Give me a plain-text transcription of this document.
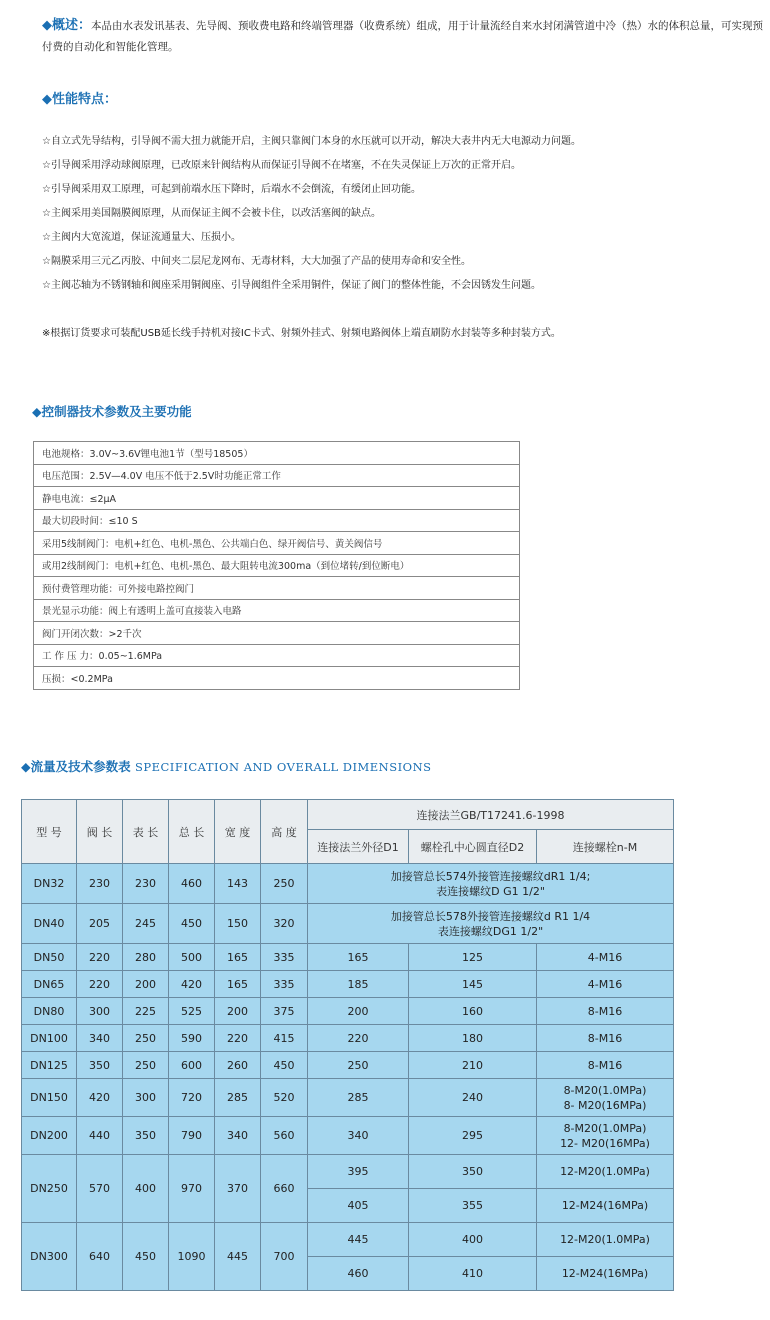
◆概述：本品由水表发讯基表、先导阀、预收费电路和终端管理器（收费系统）组成，用于计量流经自来水封闭满管道中冷（热）水的体积总量，可实现预付费的自动化和智能化管理。
◆性能特点：
☆自立式先导结构，引导阀不需大扭力就能开启，主阀只靠阀门本身的水压就可以开动，解决大表井内无大电源动力问题。
☆引导阀采用浮动球阀原理，已改原来针阀结构从而保证引导阀不在堵塞，不在失灵保证上万次的正常开启。
☆引导阀采用双工原理，可起到前端水压下降时，后端水不会倒流，有缓闭止回功能。
☆主阀采用美国隔膜阀原理，从而保证主阀不会被卡住，以改活塞阀的缺点。
☆主阀内大宽流道，保证流通量大、压损小。
☆隔膜采用三元乙丙胶、中间夹二层尼龙网布、无毒材料，大大加强了产品的使用寿命和安全性。
☆主阀芯轴为不锈钢轴和阀座采用铜阀座、引导阀组件全采用铜件，保证了阀门的整体性能，不会因锈发生问题。
※根据订货要求可装配USB延长线手持机对接IC卡式、射频外挂式、射频电路阀体上端直刷防水封装等多种封装方式。
◆控制器技术参数及主要功能
电池规格：3.0V~3.6V锂电池1节（型号18505）
电压范围：2.5V—4.0V 电压不低于2.5V时功能正常工作
静电电流：≤2μA
最大切段时间：≤10 S
采用5线制阀门：电机+红色、电机-黑色、公共端白色、绿开阀信号、黄关阀信号
或用2线制阀门：电机+红色、电机-黑色、最大阻转电流300ma（到位堵转/到位断电）
预付费管理功能：可外接电路控阀门
景光显示功能：阀上有透明上盖可直接装入电路
阀门开闭次数：>2千次
工 作 压 力：0.05~1.6MPa
压损：<0.2MPa
◆流量及技术参数表 SPECIFICATION AND OVERALL DIMENSIONS
型 号	阀 长	表 长	总 长	宽 度	高 度	连接法兰GB/T17241.6-1998		
						连接法兰外径D1	螺栓孔中心圆直径D2	连接螺栓n-M
DN32	230	230	460	143	250	加接管总长574外接管连接螺纹dR1 1/4;
表连接螺纹D G1 1/2"		

DN40	205	245	450	150	320	加接管总长578外接管连接螺纹d R1 1/4
表连接螺纹DG1 1/2"		

DN50	220	280	500	165	335	165	125	4-M16
DN65	220	200	420	165	335	185	145	4-M16
DN80	300	225	525	200	375	200	160	8-M16
DN100	340	250	590	220	415	220	180	8-M16
DN125	350	250	600	260	450	250	210	8-M16
DN150	420	300	720	285	520	285	240	8-M20(1.0MPa)
8- M20(16MPa)

DN200	440	350	790	340	560	340	295	8-M20(1.0MPa)
12- M20(16MPa)

DN250	570	400	970	370	660	395	350	12-M20(1.0MPa)
						405	355	12-M24(16MPa)
DN300	640	450	1090	445	700	445	400	12-M20(1.0MPa)
						460	410	12-M24(16MPa)
